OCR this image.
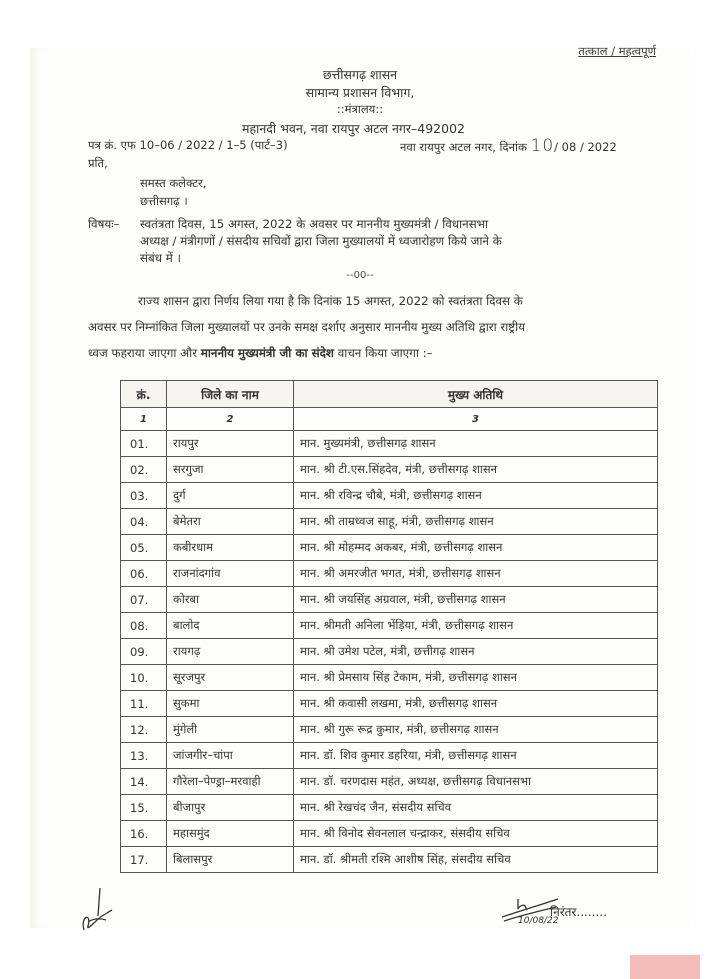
तत्काल / महत्वपूर्ण
छत्तीसगढ़ शासन
सामान्य प्रशासन विभाग,
::मंत्रालय::
महानदी भवन, नवा रायपुर अटल नगर–492002
पत्र क्रं. एफ 10–06 / 2022 / 1–5 (पार्ट–3)	नवा रायपुर अटल नगर, दिनांक 10/ 08 / 2022
प्रति,
समस्त कलेक्टर,
छत्तीसगढ़ ।
विषयः– स्वतंत्रता दिवस, 15 अगस्त, 2022 के अवसर पर माननीय मुख्यमंत्री / विधानसभा
अध्यक्ष / मंत्रीगणों / संसदीय सचिवों द्वारा जिला मुख्यालयों में ध्वजारोहण किये जाने के
संबंध में ।
--00--
राज्य शासन द्वारा निर्णय लिया गया है कि दिनांक 15 अगस्त, 2022 को स्वतंत्रता दिवस के
अवसर पर निम्नांकित जिला मुख्यालयों पर उनके समक्ष दर्शाए अनुसार माननीय मुख्य अतिथि द्वारा राष्ट्रीय
ध्वज फहराया जाएगा और माननीय मुख्यमंत्री जी का संदेश वाचन किया जाएगा :–
क्रं.	जिले का नाम	मुख्य अतिथि
1	2	3
01.	रायपुर	मान. मुख्यमंत्री, छत्तीसगढ़ शासन
02.	सरगुजा	मान. श्री टी.एस.सिंहदेव, मंत्री, छत्तीसगढ़ शासन
03.	दुर्ग	मान. श्री रविन्द्र चौबे, मंत्री, छत्तीसगढ़ शासन
04.	बेमेतरा	मान. श्री ताम्रध्वज साहू, मंत्री, छत्तीसगढ़ शासन
05.	कबीरधाम	मान. श्री मोहम्मद अकबर, मंत्री, छत्तीसगढ़ शासन
06.	राजनांदगांव	मान. श्री अमरजीत भगत, मंत्री, छत्तीसगढ़ शासन
07.	कोरबा	मान. श्री जयसिंह अग्रवाल, मंत्री, छत्तीसगढ़ शासन
08.	बालोद	मान. श्रीमती अनिला भेंड़िया, मंत्री, छत्तीसगढ़ शासन
09.	रायगढ़	मान. श्री उमेश पटेल, मंत्री, छत्तीगढ़ शासन
10.	सूरजपुर	मान. श्री प्रेमसाय सिंह टेकाम, मंत्री, छत्तीसगढ़ शासन
11.	सुकमा	मान. श्री कवासी लखमा, मंत्री, छत्तीसगढ़ शासन
12.	मुंगेली	मान. श्री गुरू रूद्र कुमार, मंत्री, छत्तीसगढ़ शासन
13.	जांजगीर–चांपा	मान. डॉ. शिव कुमार डहरिया, मंत्री, छत्तीसगढ़ शासन
14.	गौरेला–पेण्ड्रा–मरवाही	मान. डॉ. चरणदास महंत, अध्यक्ष, छत्तीसगढ़ विधानसभा
15.	बीजापुर	मान. श्री रेखचंद जैन, संसदीय सचिव
16.	महासमुंद	मान. श्री विनोद सेवनलाल चन्द्राकर, संसदीय सचिव
17.	बिलासपुर	मान. डॉ. श्रीमती रश्मि आशीष सिंह, संसदीय सचिव
10/08/22
निरंतर........
